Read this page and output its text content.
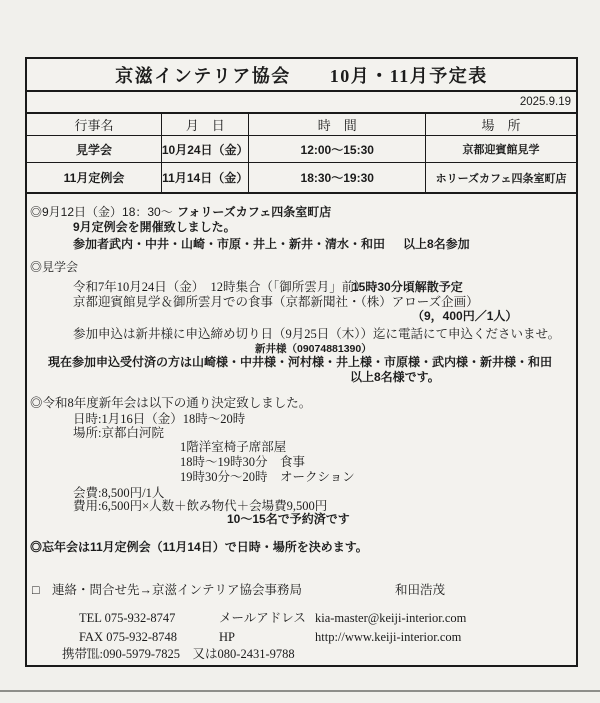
京滋インテリア協会　　10月・11月予定表
2025.9.19
行事名	月　日	時　間	場　所
見学会	10月24日（金）	12:00～15:30	京都迎賓館見学
11月定例会	11月14日（金）	18:30～19:30	ホリーズカフェ四条室町店
◎9月12日（金）18：30～ フォリーズカフェ四条室町店
9月定例会を開催致しました。
参加者武内・中井・山崎・市原・井上・新井・清水・和田 以上8名参加
◎見学会
令和7年10月24日（金）　12時集合（「御所雲月」前）
15時30分頃解散予定
京都迎賓館見学＆御所雲月での食事（京都新聞社・（株）アローズ企画）
（9，400円／1人）
参加申込は新井様に申込締め切り日（9月25日（木））迄に電話にて申込くださいませ。
新井様（09074881390）
現在参加申込受付済の方は山崎様・中井様・河村様・井上様・市原様・武内様・新井様・和田
以上8名様です。
◎令和8年度新年会は以下の通り決定致しました。
日時:1月16日（金）18時～20時
場所:京都白河院
1階洋室椅子席部屋
18時～19時30分　食事
19時30分～20時　オークション
会費:8,500円/1人
費用:6,500円×人数＋飲み物代＋会場費9,500円
10～15名で予約済です
◎忘年会は11月定例会（11月14日）で日時・場所を決めます。
□　連絡・問合せ先→京滋インテリア協会事務局	和田浩茂
TEL 075-932-8747	メールアドレス kia-master@keiji-interior.com
FAX 075-932-8748	HP	http://www.keiji-interior.com
携帯℡:090-5979-7825　又は080-2431-9788
